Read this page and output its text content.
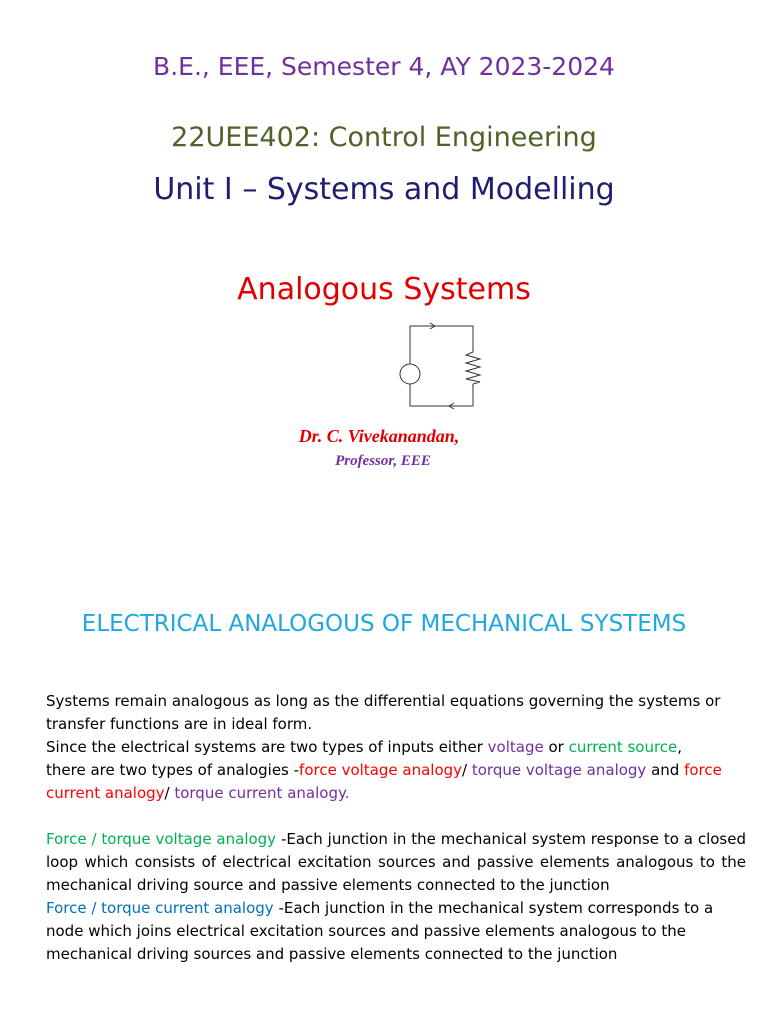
B.E., EEE, Semester 4, AY 2023-2024
22UEE402: Control Engineering
Unit I – Systems and Modelling
Analogous Systems
Dr. C. Vivekanandan,
Professor, EEE
ELECTRICAL ANALOGOUS OF MECHANICAL SYSTEMS

Systems remain analogous as long as the differential equations governing the systems or transfer functions are in ideal form.

Since the electrical systems are two types of inputs either voltage or current source,
there are two types of analogies -force voltage analogy/ torque voltage analogy and force current analogy/ torque current analogy.

Force / torque voltage analogy -Each junction in the mechanical system response to a closed loop which consists of electrical excitation sources and passive elements analogous to the mechanical driving source and passive elements connected to the junction

Force / torque current analogy -Each junction in the mechanical system corresponds to a node which joins electrical excitation sources and passive elements analogous to the mechanical driving sources and passive elements connected to the junction
